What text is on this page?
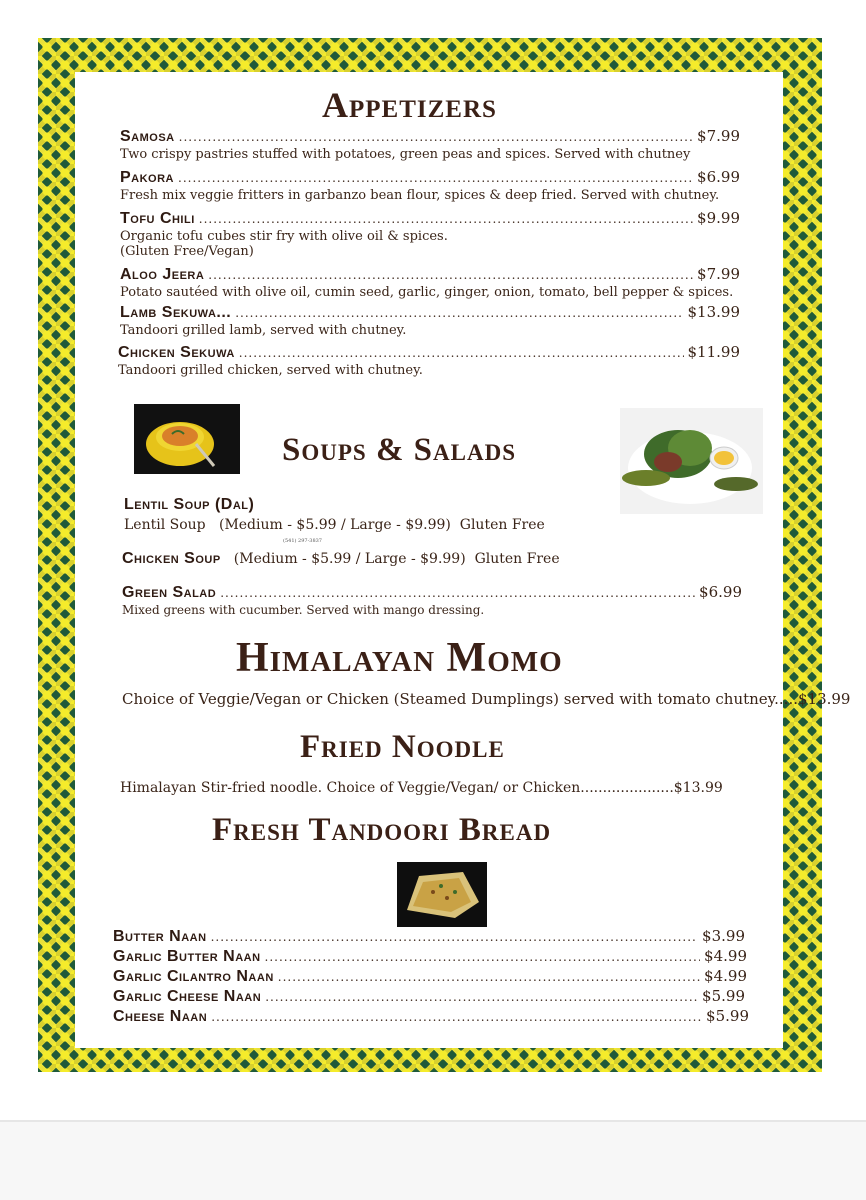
Appetizers
Samosa .....	$7.99
Two crispy pastries stuffed with potatoes, green peas and spices. Served with chutney
Pakora .....	$6.99
Fresh mix veggie fritters in garbanzo bean flour, spices & deep fried. Served with chutney.
Tofu Chili .....	$9.99
Organic tofu cubes stir fry with olive oil & spices.
(Gluten Free/Vegan)
Aloo Jeera .....	$7.99
Potato sautéed with olive oil, cumin seed, garlic, ginger, onion, tomato, bell pepper & spices.
Lamb Sekuwa... .....	$13.99
Tandoori grilled lamb, served with chutney.
Chicken Sekuwa .....	$11.99
Tandoori grilled chicken, served with chutney.
Soups & Salads
Lentil Soup (Dal)
Lentil Soup   (Medium - $5.99 / Large - $9.99)  Gluten Free
(541) 297-3837
Chicken Soup (Medium - $5.99 / Large - $9.99)  Gluten Free
Green Salad .....	$6.99
Mixed greens with cucumber. Served with mango dressing.
Himalayan Momo
Choice of Veggie/Vegan or Chicken (Steamed Dumplings) served with tomato chutney.....$13.99
Fried Noodle
Himalayan Stir-fried noodle. Choice of Veggie/Vegan/ or Chicken.....................$13.99
Fresh Tandoori Bread
Butter Naan .....	$3.99
Garlic Butter Naan .....	$4.99
Garlic Cilantro Naan .....	$4.99
Garlic Cheese Naan .....	$5.99
Cheese Naan .....	$5.99
